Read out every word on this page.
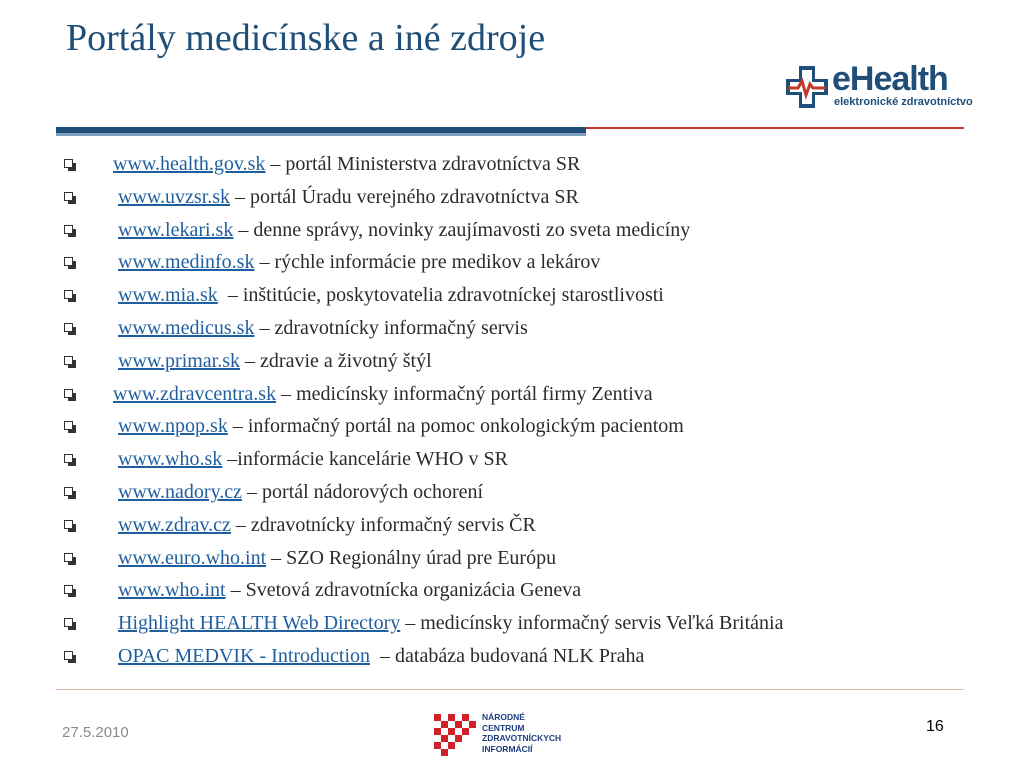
Portály medicínske a iné zdroje
eHealth
elektronické zdravotníctvo
www.health.gov.sk – portál Ministerstva zdravotníctva SR
www.uvzsr.sk – portál Úradu verejného zdravotníctva SR
www.lekari.sk – denne správy, novinky zaujímavosti zo sveta medicíny
www.medinfo.sk – rýchle informácie pre medikov a lekárov
www.mia.sk  – inštitúcie, poskytovatelia zdravotníckej starostlivosti
www.medicus.sk – zdravotnícky informačný servis
www.primar.sk – zdravie a životný štýl
www.zdravcentra.sk – medicínsky informačný portál firmy Zentiva
www.npop.sk – informačný portál na pomoc onkologickým pacientom
www.who.sk –informácie kancelárie WHO v SR
www.nadory.cz – portál nádorových ochorení
www.zdrav.cz – zdravotnícky informačný servis ČR
www.euro.who.int – SZO Regionálny úrad pre Európu
www.who.int – Svetová zdravotnícka organizácia Geneva
Highlight HEALTH Web Directory – medicínsky informačný servis Veľká Británia
OPAC MEDVIK - Introduction  – databáza budovaná NLK Praha
27.5.2010
NÁRODNÉ
CENTRUM
ZDRAVOTNÍCKYCH
INFORMÁCIÍ
16
